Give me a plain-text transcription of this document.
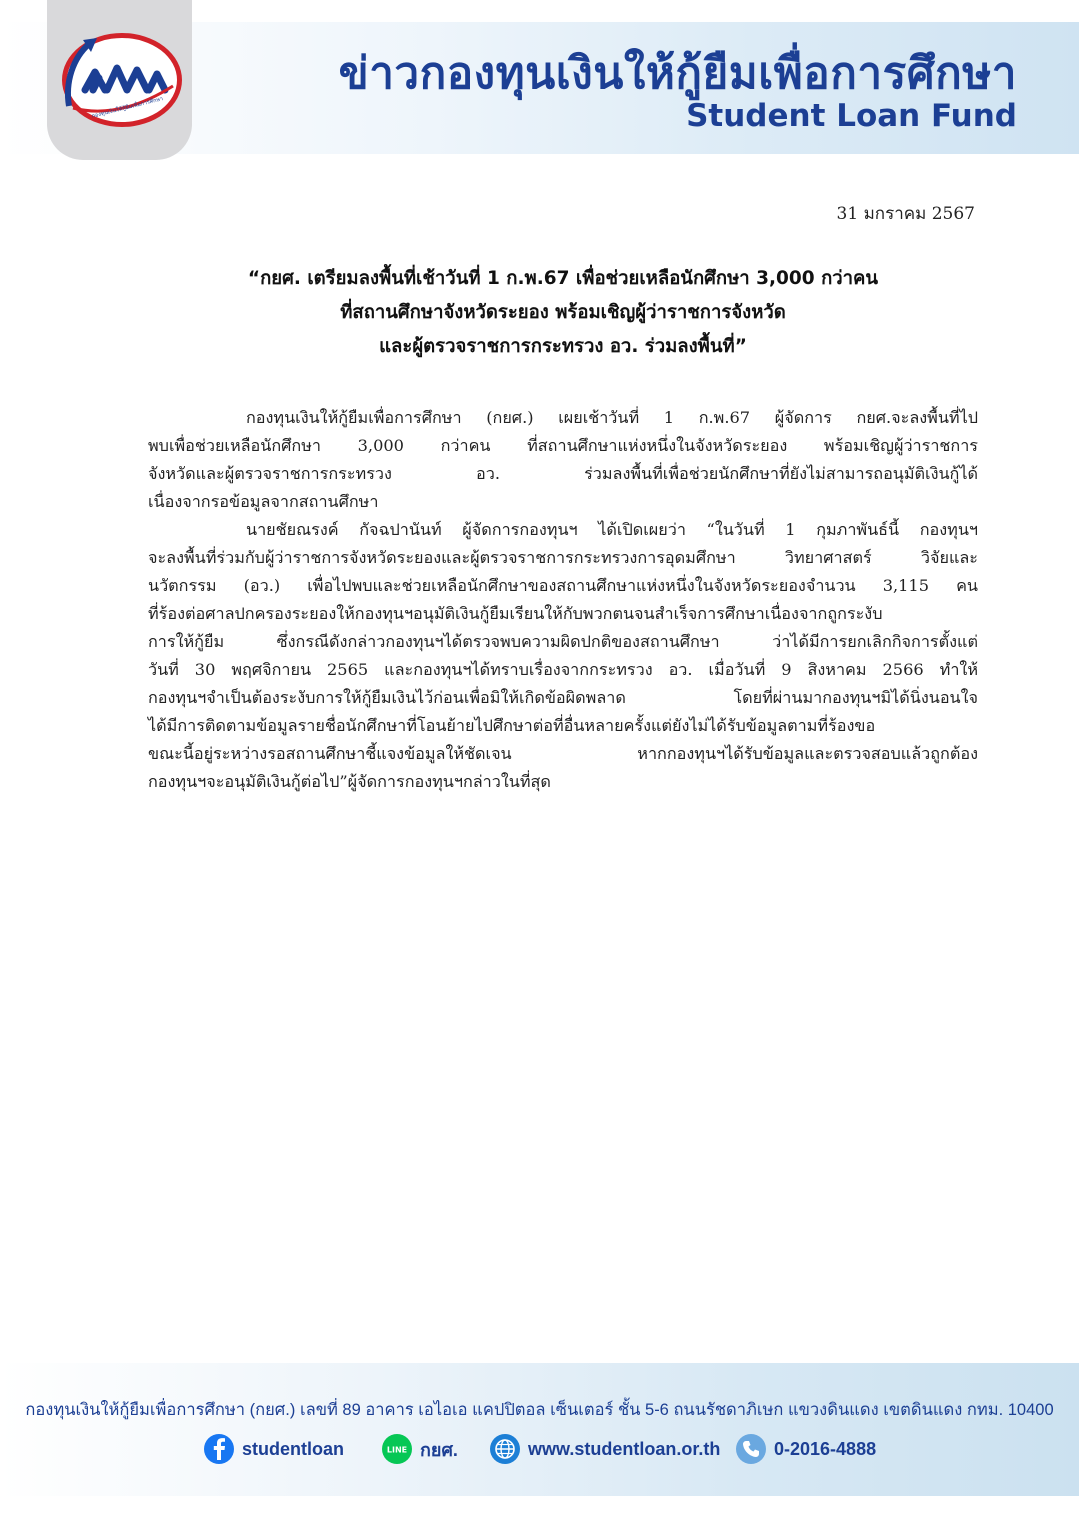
กองทุนเงินให้กู้ยืมเพื่อการศึกษา
ข่าวกองทุนเงินให้กู้ยืมเพื่อการศึกษา
Student Loan Fund
31 มกราคม 2567
“กยศ. เตรียมลงพื้นที่เช้าวันที่ 1 ก.พ.67 เพื่อช่วยเหลือนักศึกษา 3,000 กว่าคน
ที่สถานศึกษาจังหวัดระยอง พร้อมเชิญผู้ว่าราชการจังหวัด
และผู้ตรวจราชการกระทรวง อว. ร่วมลงพื้นที่”
กองทุนเงินให้กู้ยืมเพื่อการศึกษา (กยศ.) เผยเช้าวันที่ 1 ก.พ.67 ผู้จัดการ กยศ.จะลงพื้นที่ไป
พบเพื่อช่วยเหลือนักศึกษา 3,000 กว่าคน ที่สถานศึกษาแห่งหนึ่งในจังหวัดระยอง พร้อมเชิญผู้ว่าราชการ
จังหวัดและผู้ตรวจราชการกระทรวง อว. ร่วมลงพื้นที่เพื่อช่วยนักศึกษาที่ยังไม่สามารถอนุมัติเงินกู้ได้
เนื่องจากรอข้อมูลจากสถานศึกษา
นายชัยณรงค์ กัจฉปานันท์ ผู้จัดการกองทุนฯ ได้เปิดเผยว่า “ในวันที่ 1 กุมภาพันธ์นี้ กองทุนฯ
จะลงพื้นที่ร่วมกับผู้ว่าราชการจังหวัดระยองและผู้ตรวจราชการกระทรวงการอุดมศึกษา วิทยาศาสตร์ วิจัยและ
นวัตกรรม (อว.) เพื่อไปพบและช่วยเหลือนักศึกษาของสถานศึกษาแห่งหนึ่งในจังหวัดระยองจำนวน 3,115 คน
ที่ร้องต่อศาลปกครองระยองให้กองทุนฯอนุมัติเงินกู้ยืมเรียนให้กับพวกตนจนสำเร็จการศึกษาเนื่องจากถูกระงับ
การให้กู้ยืม ซึ่งกรณีดังกล่าวกองทุนฯได้ตรวจพบความผิดปกติของสถานศึกษา ว่าได้มีการยกเลิกกิจการตั้งแต่
วันที่ 30 พฤศจิกายน 2565 และกองทุนฯได้ทราบเรื่องจากกระทรวง อว. เมื่อวันที่ 9 สิงหาคม 2566 ทำให้
กองทุนฯจำเป็นต้องระงับการให้กู้ยืมเงินไว้ก่อนเพื่อมิให้เกิดข้อผิดพลาด โดยที่ผ่านมากองทุนฯมิได้นิ่งนอนใจ
ได้มีการติดตามข้อมูลรายชื่อนักศึกษาที่โอนย้ายไปศึกษาต่อที่อื่นหลายครั้งแต่ยังไม่ได้รับข้อมูลตามที่ร้องขอ
ขณะนี้อยู่ระหว่างรอสถานศึกษาชี้แจงข้อมูลให้ชัดเจน หากกองทุนฯได้รับข้อมูลและตรวจสอบแล้วถูกต้อง
กองทุนฯจะอนุมัติเงินกู้ต่อไป”ผู้จัดการกองทุนฯกล่าวในที่สุด
กองทุนเงินให้กู้ยืมเพื่อการศึกษา (กยศ.) เลขที่ 89 อาคาร เอไอเอ แคปปิตอล เซ็นเตอร์ ชั้น 5-6 ถนนรัชดาภิเษก แขวงดินแดง เขตดินแดง กทม. 10400
studentloan	LINE กยศ.	www.studentloan.or.th	0-2016-4888
